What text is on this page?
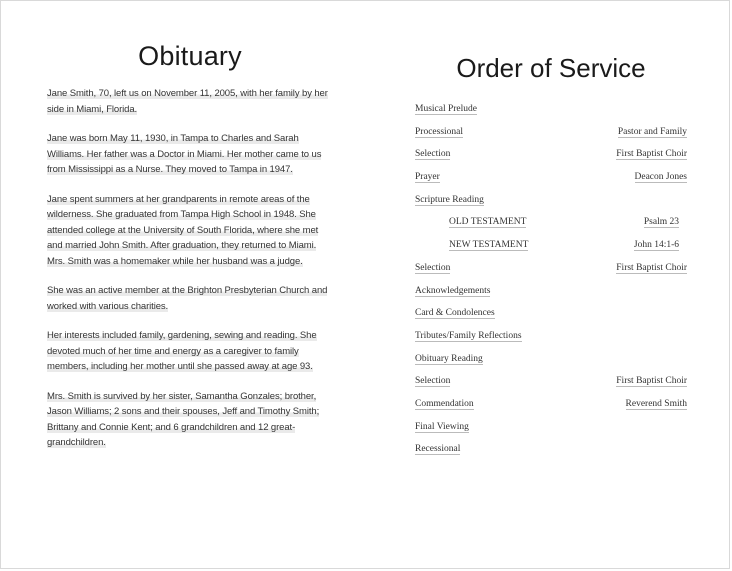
Obituary

Jane Smith, 70, left us on November 11, 2005, with her family by her side in Miami, Florida.

Jane was born May 11, 1930, in Tampa to Charles and Sarah Williams. Her father was a Doctor in Miami. Her mother came to us from Mississippi as a Nurse. They moved to Tampa in 1947.

Jane spent summers at her grandparents in remote areas of the wilderness. She graduated from Tampa High School in 1948. She attended college at the University of South Florida, where she met and married John Smith. After graduation, they returned to Miami. Mrs. Smith was a homemaker while her husband was a judge.

She was an active member at the Brighton Presbyterian Church and worked with various charities.

Her interests included family, gardening, sewing and reading. She devoted much of her time and energy as a caregiver to family members, including her mother until she passed away at age 93.

Mrs. Smith is survived by her sister, Samantha Gonzales; brother, Jason Williams; 2 sons and their spouses, Jeff and Timothy Smith; Brittany and Connie Kent; and 6 grandchildren and 12 great-grandchildren.

Order of Service
Musical Prelude
Processional	Pastor and Family
Selection	First Baptist Choir
Prayer	Deacon Jones
Scripture Reading
OLD TESTAMENT	Psalm 23
NEW TESTAMENT	John 14:1-6
Selection	First Baptist Choir
Acknowledgements
Card & Condolences
Tributes/Family Reflections
Obituary Reading
Selection	First Baptist Choir
Commendation	Reverend Smith
Final Viewing
Recessional
